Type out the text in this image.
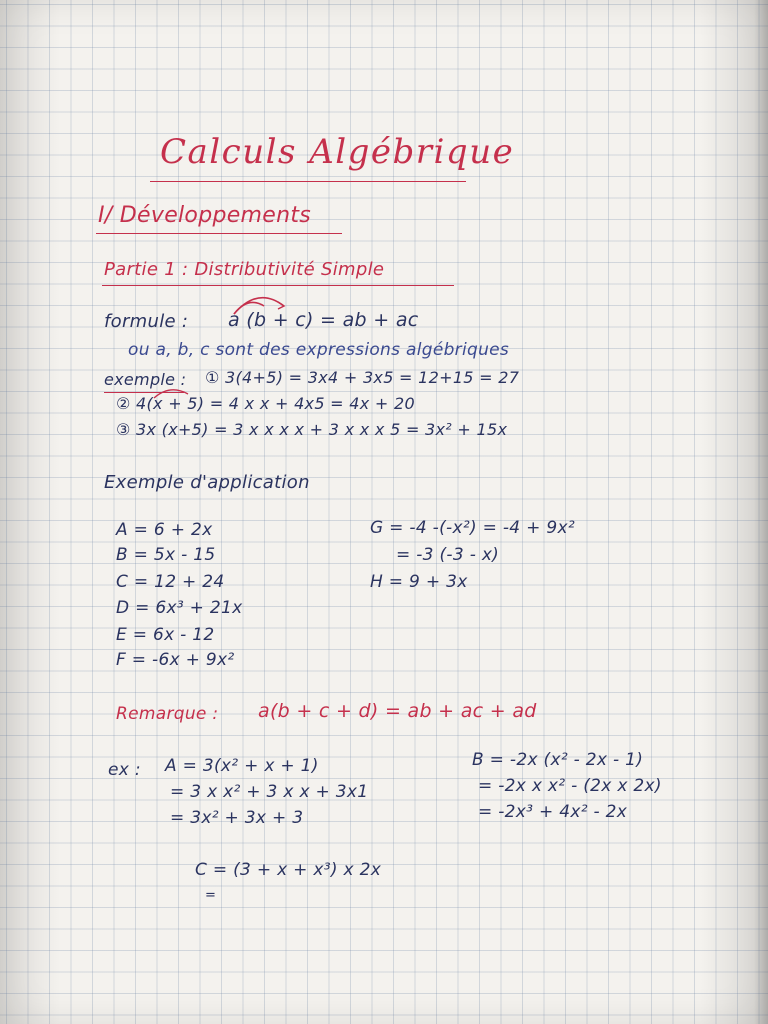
Calculs Algébrique

I/ Développements

Partie 1 : Distributivité Simple

formule : a (b + c) = ab + ac

ou a, b, c sont des expressions algébriques

exemple : ① 3(4+5) = 3x4 + 3x5 = 12+15 = 27

② 4(x + 5) = 4 x x + 4x5 = 4x + 20

③ 3x (x+5) = 3 x x x x + 3 x x x 5 = 3x² + 15x

Exemple d'application

A = 6 + 2x

B = 5x - 15

C = 12 + 24

D = 6x³ + 21x

E = 6x - 12

F = -6x + 9x²

G = -4 -(-x²) = -4 + 9x²

= -3 (-3 - x)

H = 9 + 3x

Remarque : a(b + c + d) = ab + ac + ad

ex : A = 3(x² + x + 1)

= 3 x x² + 3 x x + 3x1

= 3x² + 3x + 3

B = -2x (x² - 2x - 1)

= -2x x x² - (2x x 2x)

= -2x³ + 4x² - 2x

C = (3 + x + x³) x 2x

=
